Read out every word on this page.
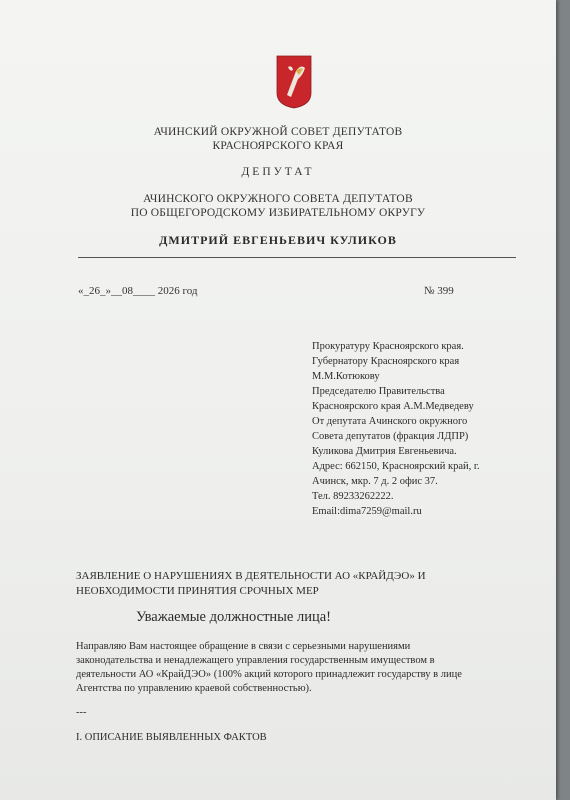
АЧИНСКИЙ ОКРУЖНОЙ СОВЕТ ДЕПУТАТОВ
КРАСНОЯРСКОГО КРАЯ
ДЕПУТАТ
АЧИНСКОГО ОКРУЖНОГО СОВЕТА ДЕПУТАТОВ
ПО ОБЩЕГОРОДСКОМУ ИЗБИРАТЕЛЬНОМУ ОКРУГУ
ДМИТРИЙ ЕВГЕНЬЕВИЧ КУЛИКОВ
«_26_»__08____ 2026 год	№ 399
Прокуратуру Красноярского края.
Губернатору Красноярского края
М.М.Котюкову
Председателю Правительства
Красноярского края А.М.Медведеву
От депутата Ачинского окружного
Совета депутатов (фракция ЛДПР)
Куликова Дмитрия Евгеньевича.
Адрес: 662150, Красноярский край, г.
Ачинск, мкр. 7 д. 2 офис 37.
Тел. 89233262222.
Email:dima7259@mail.ru
ЗАЯВЛЕНИЕ О НАРУШЕНИЯХ В ДЕЯТЕЛЬНОСТИ АО «КРАЙДЭО» И
НЕОБХОДИМОСТИ ПРИНЯТИЯ СРОЧНЫХ МЕР
Уважаемые должностные лица!
Направляю Вам настоящее обращение в связи с серьезными нарушениями
законодательства и ненадлежащего управления государственным имуществом в
деятельности АО «КрайДЭО» (100% акций которого принадлежит государству в лице
Агентства по управлению краевой собственностью).
---
I. ОПИСАНИЕ ВЫЯВЛЕННЫХ ФАКТОВ
